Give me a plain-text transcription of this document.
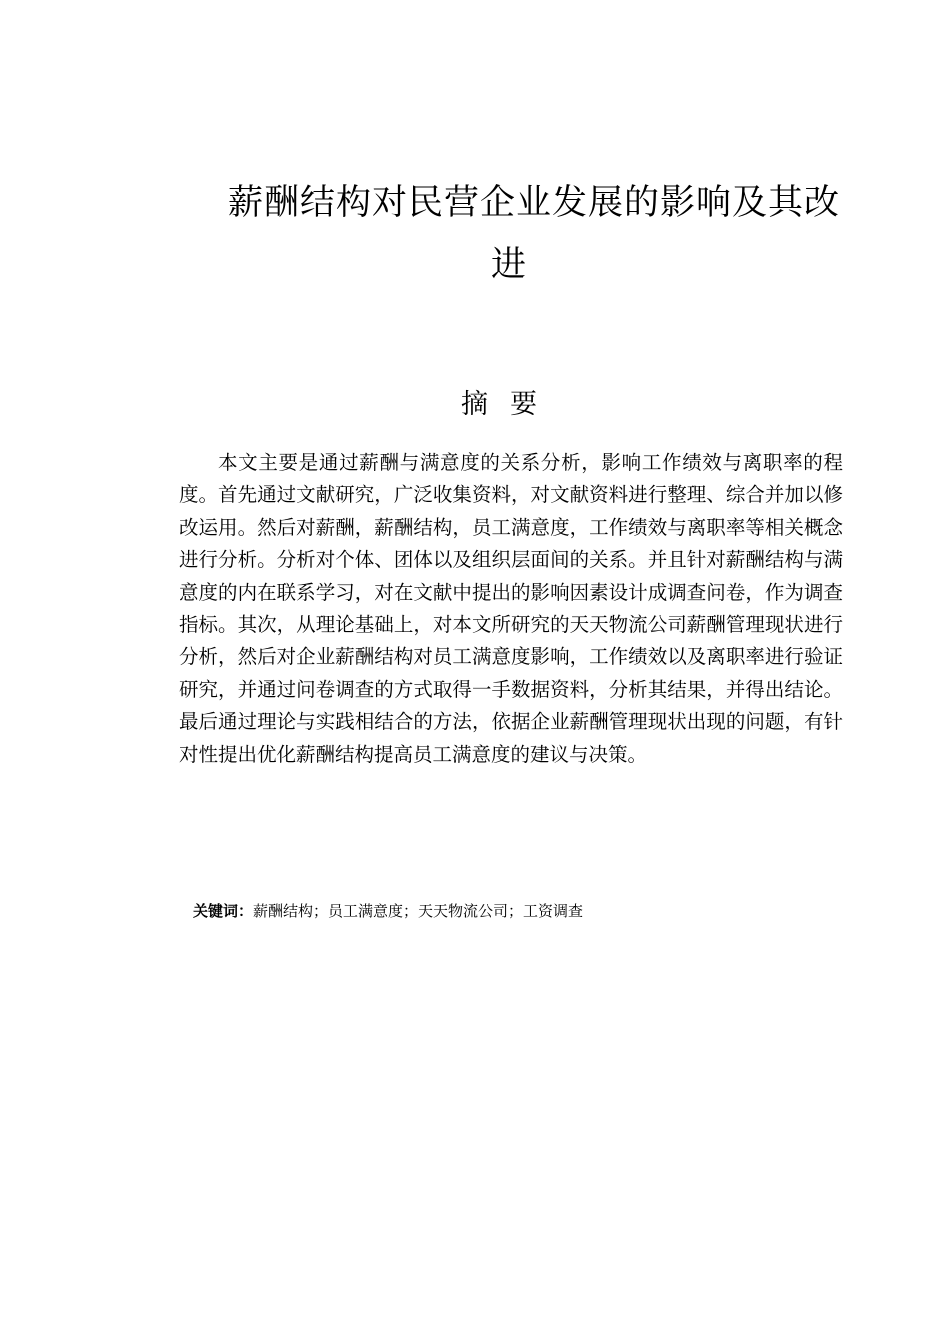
薪酬结构对民营企业发展的影响及其改
进
摘要
本文主要是通过薪酬与满意度的关系分析，影响工作绩效与离职率的程度。首先通过文献研究，广泛收集资料，对文献资料进行整理、综合并加以修改运用。然后对薪酬，薪酬结构，员工满意度，工作绩效与离职率等相关概念进行分析。分析对个体、团体以及组织层面间的关系。并且针对薪酬结构与满意度的内在联系学习，对在文献中提出的影响因素设计成调查问卷，作为调查指标。其次，从理论基础上，对本文所研究的天天物流公司薪酬管理现状进行分析，然后对企业薪酬结构对员工满意度影响，工作绩效以及离职率进行验证研究，并通过问卷调查的方式取得一手数据资料，分析其结果，并得出结论。最后通过理论与实践相结合的方法，依据企业薪酬管理现状出现的问题，有针对性提出优化薪酬结构提高员工满意度的建议与决策。
关键词：薪酬结构；员工满意度；天天物流公司；工资调查
